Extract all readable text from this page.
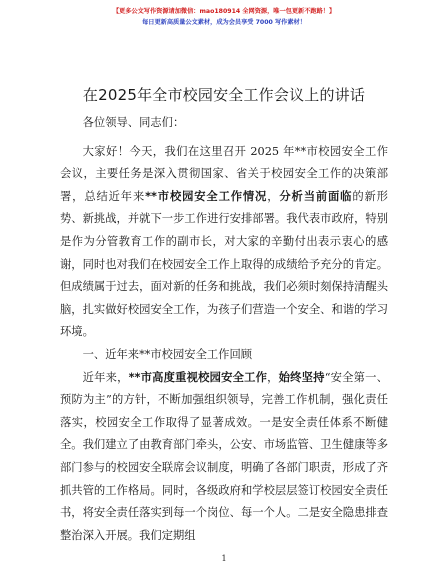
【更多公文写作资源请加微信：mao180914 全网资源，唯一包更新不跑路！】
每日更新高质量公文素材，成为会员享受 7000 写作素材！
在2025年全市校园安全工作会议上的讲话

各位领导、同志们：

大家好！今天，我们在这里召开 2025 年**市校园安全工作会议，主要任务是深入贯彻国家、省关于校园安全工作的决策部署，总结近年来**市校园安全工作情况，分析当前面临的新形势、新挑战，并就下一步工作进行安排部署。我代表市政府，特别是作为分管教育工作的副市长，对大家的辛勤付出表示衷心的感谢，同时也对我们在校园安全工作上取得的成绩给予充分的肯定。但成绩属于过去，面对新的任务和挑战，我们必须时刻保持清醒头脑，扎实做好校园安全工作，为孩子们营造一个安全、和谐的学习环境。

一、近年来**市校园安全工作回顾

近年来，**市高度重视校园安全工作，始终坚持“安全第一、预防为主”的方针，不断加强组织领导，完善工作机制，强化责任落实，校园安全工作取得了显著成效。一是安全责任体系不断健全。我们建立了由教育部门牵头，公安、市场监管、卫生健康等多部门参与的校园安全联席会议制度，明确了各部门职责，形成了齐抓共管的工作格局。同时，各级政府和学校层层签订校园安全责任书，将安全责任落实到每一个岗位、每一个人。二是安全隐患排查整治深入开展。我们定期组

1
